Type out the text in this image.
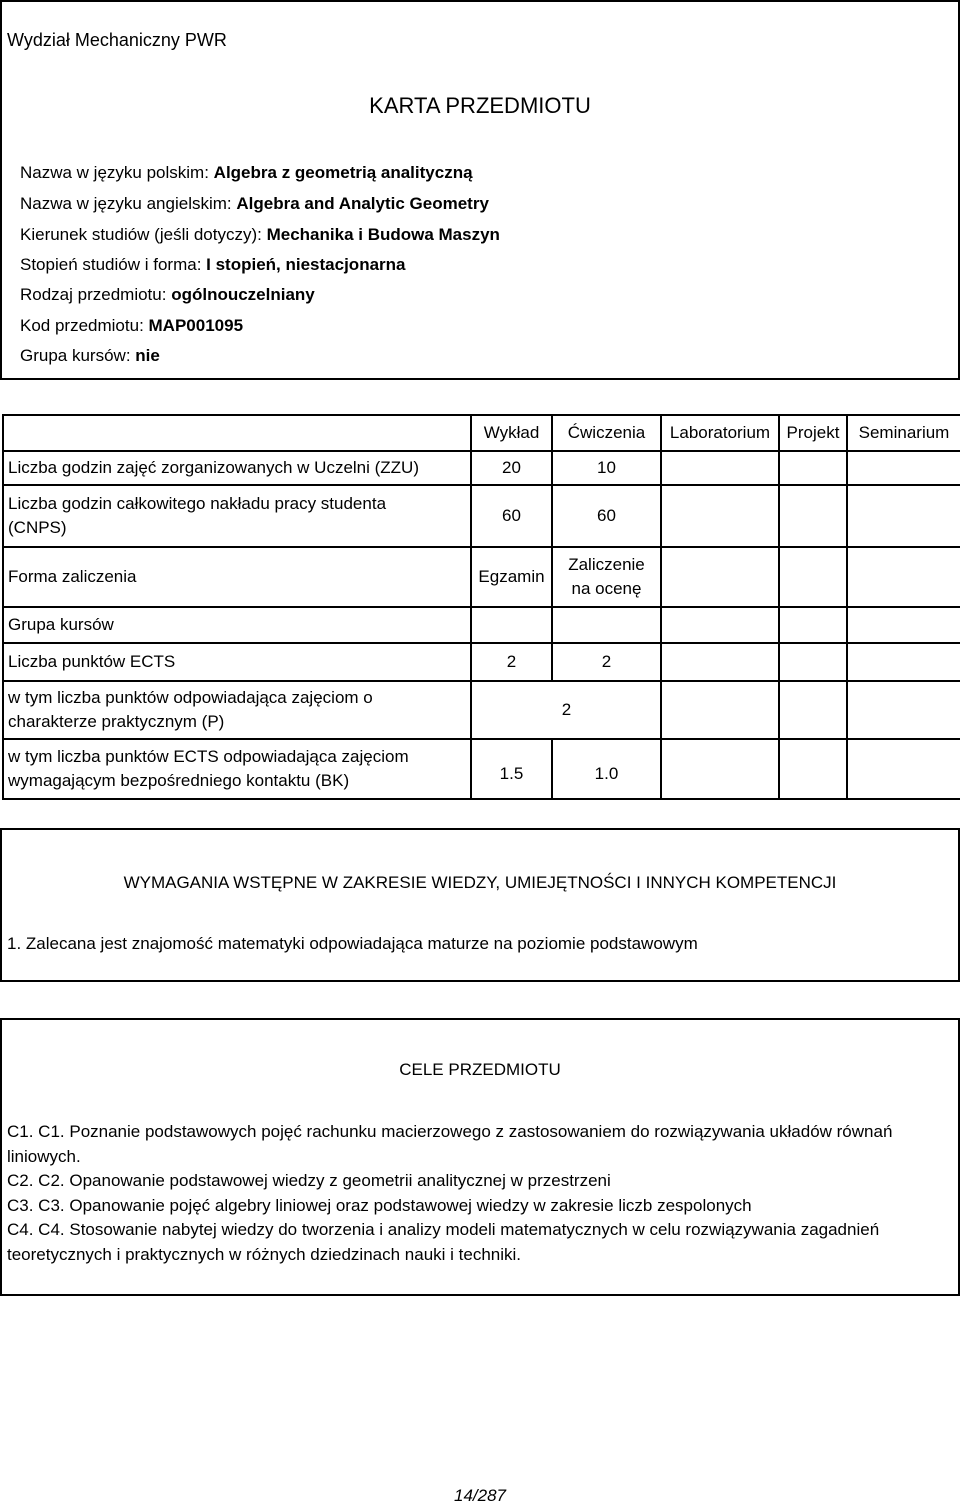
Wydział Mechaniczny PWR
KARTA PRZEDMIOTU
Nazwa w języku polskim: Algebra z geometrią analityczną
Nazwa w języku angielskim: Algebra and Analytic Geometry
Kierunek studiów (jeśli dotyczy): Mechanika i Budowa Maszyn
Stopień studiów i forma: I stopień, niestacjonarna
Rodzaj przedmiotu: ogólnouczelniany
Kod przedmiotu: MAP001095
Grupa kursów: nie
	Wykład	Ćwiczenia	Laboratorium	Projekt	Seminarium
Liczba godzin zajęć zorganizowanych w Uczelni (ZZU)	20	10			
Liczba godzin całkowitego nakładu pracy studenta (CNPS)	60	60			
Forma zaliczenia	Egzamin	Zaliczenie na ocenę			
Grupa kursów					
Liczba punktów ECTS	2	2			
w tym liczba punktów odpowiadająca zajęciom o charakterze praktycznym (P)		2			
w tym liczba punktów ECTS odpowiadająca zajęciom wymagającym bezpośredniego kontaktu (BK)	1.5	1.0			
WYMAGANIA WSTĘPNE W ZAKRESIE WIEDZY, UMIEJĘTNOŚCI I INNYCH KOMPETENCJI
1. Zalecana jest znajomość matematyki odpowiadająca maturze na poziomie podstawowym
CELE PRZEDMIOTU
C1. C1. Poznanie podstawowych pojęć rachunku macierzowego z zastosowaniem do rozwiązywania układów równań liniowych.
C2. C2. Opanowanie podstawowej wiedzy z geometrii analitycznej w przestrzeni
C3. C3. Opanowanie pojęć algebry liniowej oraz podstawowej wiedzy w zakresie liczb zespolonych
C4. C4. Stosowanie nabytej wiedzy do tworzenia i analizy modeli matematycznych w celu rozwiązywania zagadnień teoretycznych i praktycznych w różnych dziedzinach nauki i techniki.
14/287
